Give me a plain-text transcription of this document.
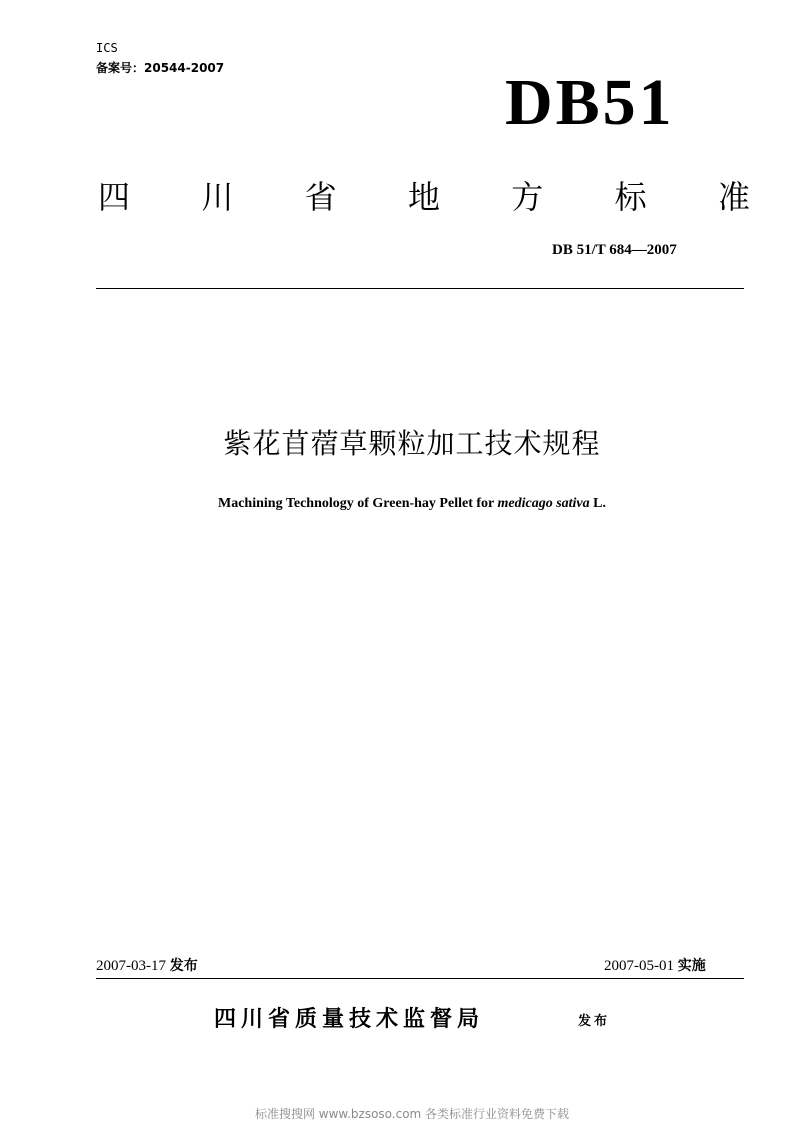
ICS
备案号：20544-2007	DB51
四 川 省 地 方 标 准
DB 51/T 684—2007
紫花苜蓿草颗粒加工技术规程
Machining Technology of Green-hay Pellet for medicago sativa L.
2007-03-17 发布	2007-05-01 实施
四川省质量技术监督局	发布
标准搜搜网 www.bzsoso.com 各类标准行业资料免费下载
